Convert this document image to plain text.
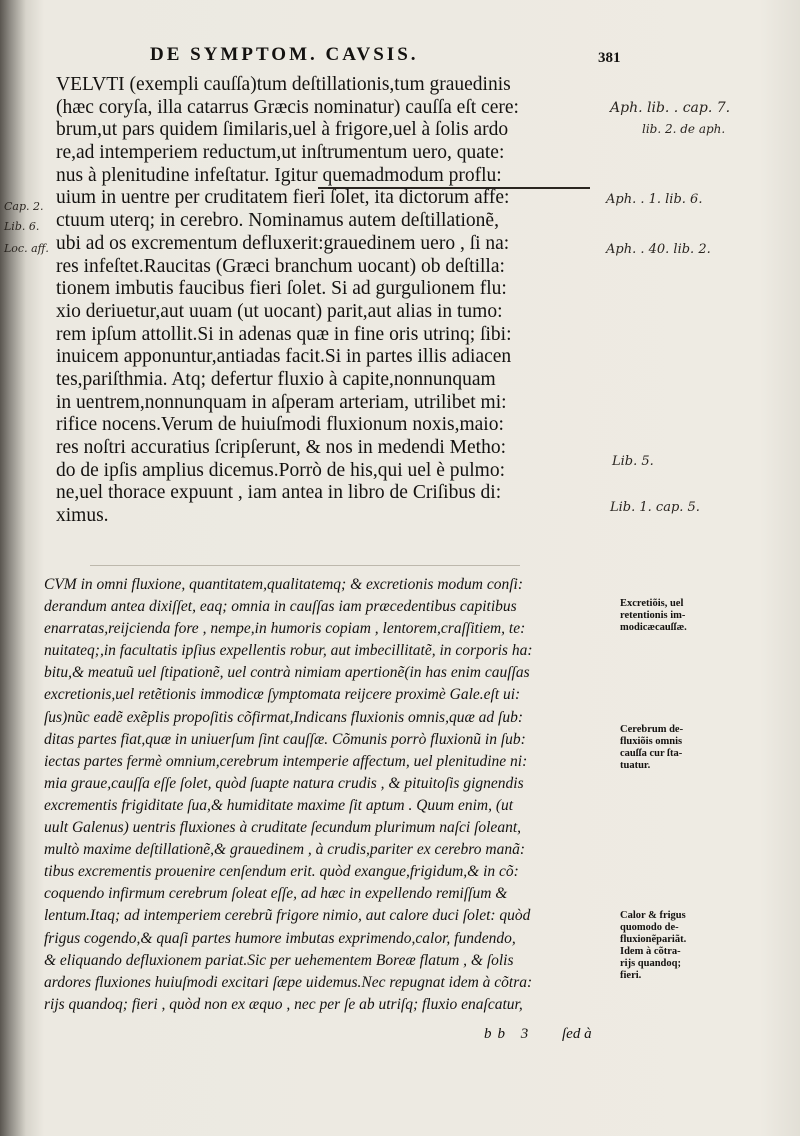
DE SYMPTOM. CAVSIS.	381
VELVTI (exempli cauſſa)tum deſtillationis,tum grauedinis
(hæc coryſa, illa catarrus Græcis nominatur) cauſſa eſt cere:
brum,ut pars quidem ſimilaris,uel à frigore,uel à ſolis ardo
re,ad intemperiem reductum,ut inſtrumentum uero, quate:
nus à plenitudine infeſtatur. Igitur quemadmodum proflu:
uium in uentre per cruditatem fieri ſolet, ita dictorum affe:
ctuum uterq; in cerebro. Nominamus autem deſtillationẽ,
ubi ad os excrementum defluxerit:grauedinem uero , ſi na:
res infeſtet.Raucitas (Græci branchum uocant) ob deſtilla:
tionem imbutis faucibus fieri ſolet. Si ad gurgulionem flu:
xio deriuetur,aut uuam (ut uocant) parit,aut alias in tumo:
rem ipſum attollit.Si in adenas quæ in fine oris utrinq; ſibi:
inuicem apponuntur,antiadas facit.Si in partes illis adiacen
tes,pariſthmia. Atq; defertur fluxio à capite,nonnunquam
in uentrem,nonnunquam in aſperam arteriam, utrilibet mi:
rifice nocens.Verum de huiuſmodi fluxionum noxis,maio:
res noſtri accuratius ſcripſerunt, & nos in medendi Metho:
do de ipſis amplius dicemus.Porrò de his,qui uel è pulmo:
ne,uel thorace expuunt , iam antea in libro de Criſibus di:
ximus.
CVM in omni fluxione, quantitatem,qualitatemq; & excretionis modum conſi:
derandum antea dixiſſet, eaq; omnia in cauſſas iam præcedentibus capitibus
enarratas,reijcienda fore , nempe,in humoris copiam , lentorem,craſſitiem, te:
nuitateq;,in facultatis ipſius expellentis robur, aut imbecillitatẽ, in corporis ha:
bitu,& meatuũ uel ſtipationẽ, uel contrà nimiam apertionẽ(in has enim cauſſas
excretionis,uel retẽtionis immodicæ ſymptomata reijcere proximè Gale.eſt ui:
ſus)nũc eadẽ exẽplis propoſitis cõfirmat,Indicans fluxionis omnis,quæ ad ſub:
ditas partes fiat,quæ in uniuerſum ſint cauſſæ. Cõmunis porrò fluxionũ in ſub:
iectas partes fermè omnium,cerebrum intemperie affectum, uel plenitudine ni:
mia graue,cauſſa eſſe ſolet, quòd ſuapte natura crudis , & pituitoſis gignendis
excrementis frigiditate ſua,& humiditate maxime ſit aptum . Quum enim, (ut
uult Galenus) uentris fluxiones à cruditate ſecundum plurimum naſci ſoleant,
multò maxime deſtillationẽ,& grauedinem , à crudis,pariter ex cerebro manã:
tibus excrementis prouenire cenſendum erit. quòd exangue,frigidum,& in cõ:
coquendo infirmum cerebrum ſoleat eſſe, ad hæc in expellendo remiſſum &
lentum.Itaq; ad intemperiem cerebrũ frigore nimio, aut calore duci ſolet: quòd
frigus cogendo,& quaſi partes humore imbutas exprimendo,calor, fundendo,
& eliquando defluxionem pariat.Sic per uehementem Boreæ flatum , & ſolis
ardores fluxiones huiuſmodi excitari ſæpe uidemus.Nec repugnat idem à cõtra:
rijs quandoq; fieri , quòd non ex æquo , nec per ſe ab utriſq; fluxio enaſcatur,
bb 3 ſed à
Excretiõis, uel
retentionis im-
modicæcauſſæ.
Cerebrum de-
fluxiõis omnis
cauſſa cur ſta-
tuatur.
Calor & frigus
quomodo de-
fluxionẽpariãt.
Idem à cõtra-
rijs quandoq;
fieri.
Aph. lib. . cap. 7.
lib. 2. de aph.
Aph. . 1. lib. 6.
Aph. . 40. lib. 2.
Lib. 5.
Lib. 1. cap. 5.
Cap. 2.
Lib. 6.
Loc. aff.
